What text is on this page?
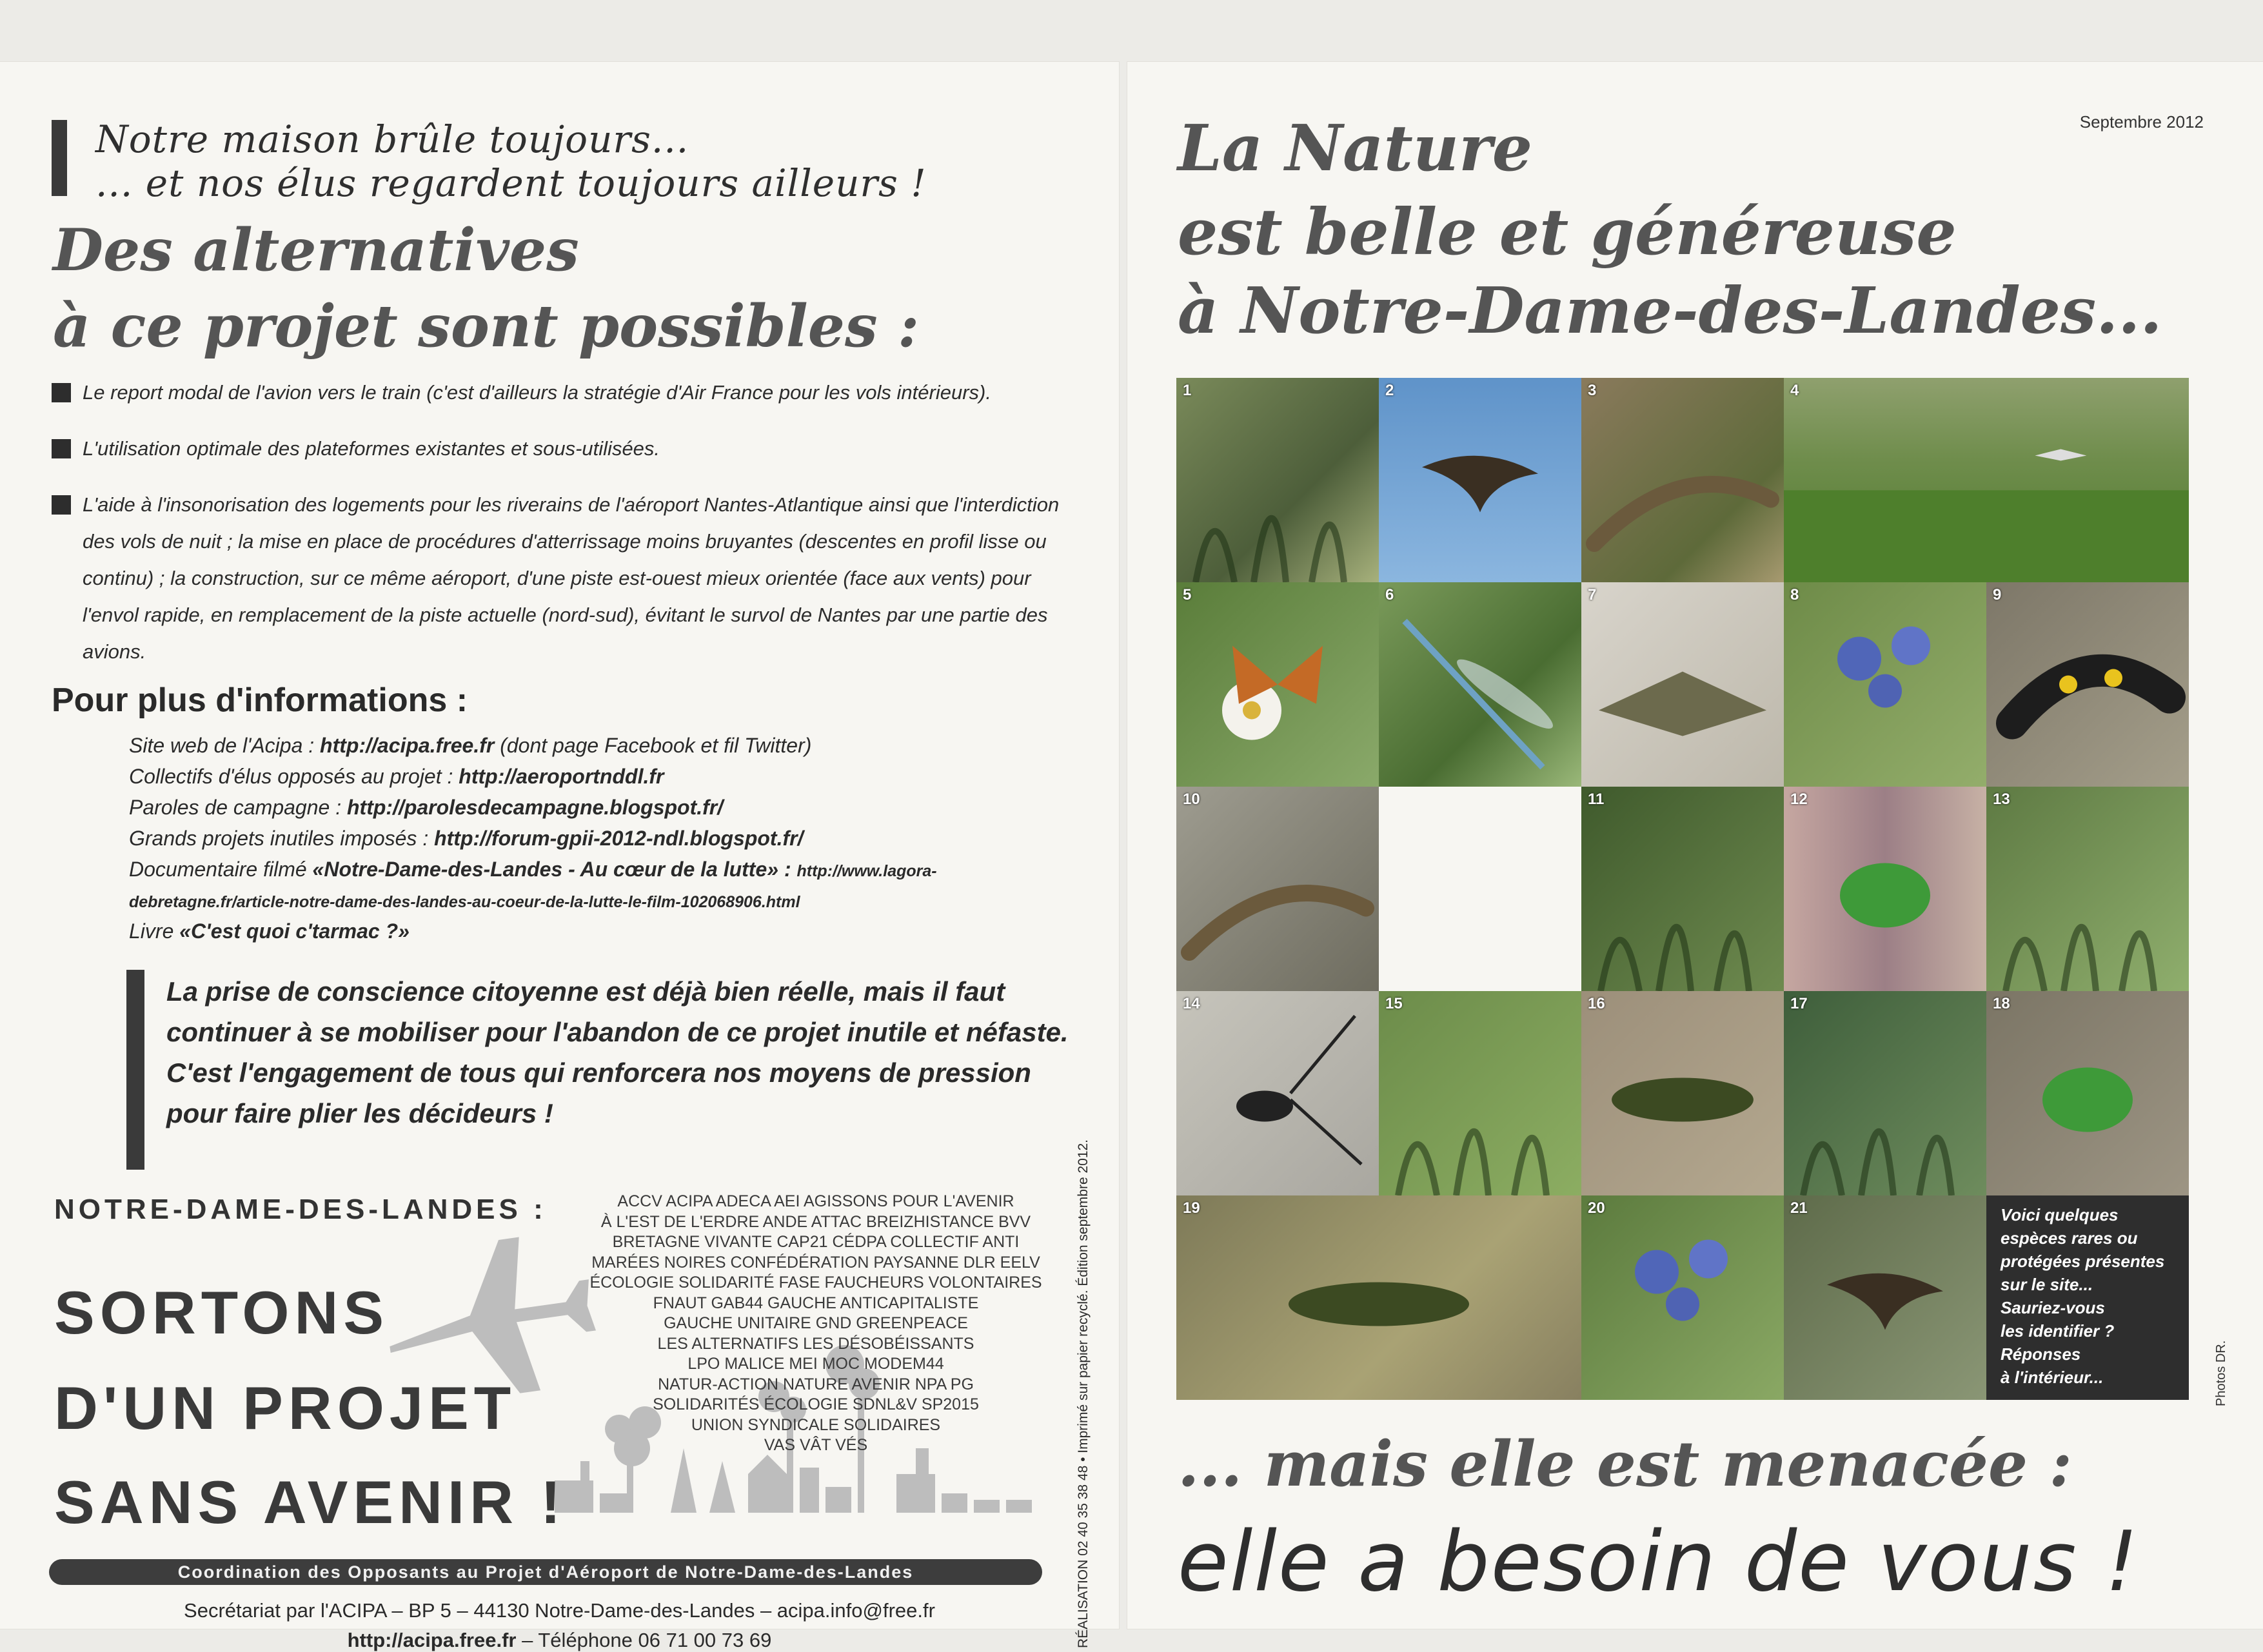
Notre maison brûle toujours...
... et nos élus regardent toujours ailleurs !
Des alternatives
à ce projet sont possibles :
Le report modal de l'avion vers le train (c'est d'ailleurs la stratégie d'Air France pour les vols intérieurs).
L'utilisation optimale des plateformes existantes et sous-utilisées.
L'aide à l'insonorisation des logements pour les riverains de l'aéroport Nantes-Atlantique ainsi que l'interdiction des vols de nuit ; la mise en place de procédures d'atterrissage moins bruyantes (descentes en profil lisse ou continu) ; la construction, sur ce même aéroport, d'une piste est-ouest mieux orientée (face aux vents) pour l'envol rapide, en remplacement de la piste actuelle (nord-sud), évitant le survol de Nantes par une partie des avions.
Pour plus d'informations :
Site web de l'Acipa : http://acipa.free.fr (dont page Facebook et fil Twitter)
Collectifs d'élus opposés au projet : http://aeroportnddl.fr
Paroles de campagne : http://parolesdecampagne.blogspot.fr/
Grands projets inutiles imposés : http://forum-gpii-2012-ndl.blogspot.fr/
Documentaire filmé «Notre-Dame-des-Landes - Au cœur de la lutte» : http://www.lagora-
debretagne.fr/article-notre-dame-des-landes-au-coeur-de-la-lutte-le-film-102068906.html
Livre «C'est quoi c'tarmac ?»
La prise de conscience citoyenne est déjà bien réelle, mais il faut continuer à se mobiliser pour l'abandon de ce projet inutile et néfaste. C'est l'engagement de tous qui renforcera nos moyens de pression pour faire plier les décideurs !
NOTRE-DAME-DES-LANDES :
SORTONS
D'UN PROJET
SANS AVENIR !
ACCV ACIPA ADECA AEI AGISSONS POUR L'AVENIR
À L'EST DE L'ERDRE ANDE ATTAC BREIZHISTANCE BVV
BRETAGNE VIVANTE CAP21 CÉDPA COLLECTIF ANTI
MARÉES NOIRES CONFÉDÉRATION PAYSANNE DLR EELV
ÉCOLOGIE SOLIDARITÉ FASE FAUCHEURS VOLONTAIRES
FNAUT GAB44 GAUCHE ANTICAPITALISTE
GAUCHE UNITAIRE GND GREENPEACE
LES ALTERNATIFS LES DÉSOBÉISSANTS
LPO MALICE MEI MOC MODEM44
NATUR-ACTION NATURE AVENIR NPA PG
SOLIDARITÉS ÉCOLOGIE SDNL&V SP2015
UNION SYNDICALE SOLIDAIRES
VAS VÂT VÉS
Coordination des Opposants au Projet d'Aéroport de Notre-Dame-des-Landes
Secrétariat par l'ACIPA – BP 5 – 44130 Notre-Dame-des-Landes – acipa.info@free.fr
http://acipa.free.fr – Téléphone 06 71 00 73 69	RÉALISATION 02 40 35 38 48 • Imprimé sur papier recyclé. Édition septembre 2012.
Septembre 2012
La Nature
est belle et généreuse
à Notre-Dame-des-Landes...
1	2	3	4
5	6	7	8	9
10	11	12	13
14	15	16	17	18
19	20	21	Voici quelques
espèces rares ou
protégées présentes
sur le site...
Sauriez-vous
les identifier ?
Réponses
à l'intérieur...	Photos DR.
... mais elle est menacée :
elle a besoin de vous !
